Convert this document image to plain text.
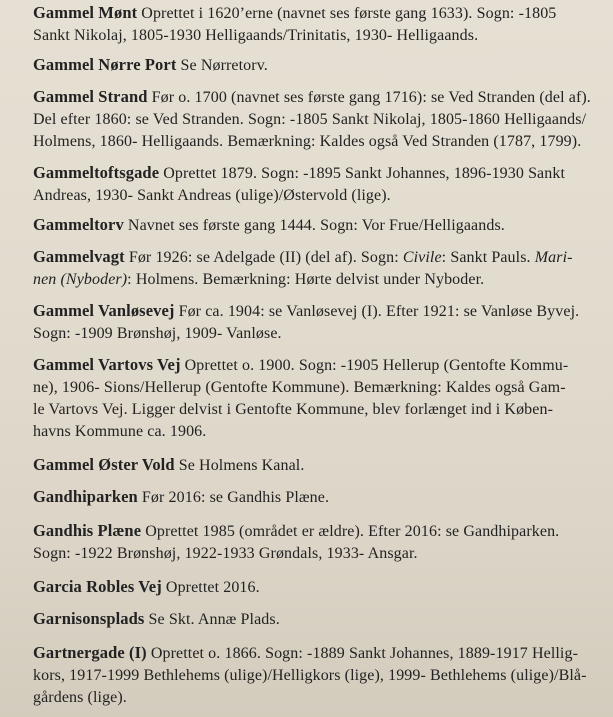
Gammel Mønt Oprettet i 1620’erne (navnet ses første gang 1633). Sogn: -1805
Sankt Nikolaj, 1805-1930 Helligaands/Trinitatis, 1930- Helligaands.

Gammel Nørre Port Se Nørretorv.

Gammel Strand Før o. 1700 (navnet ses første gang 1716): se Ved Stranden (del af).
Del efter 1860: se Ved Stranden. Sogn: -1805 Sankt Nikolaj, 1805-1860 Helligaands/
Holmens, 1860- Helligaands. Bemærkning: Kaldes også Ved Stranden (1787, 1799).

Gammeltoftsgade Oprettet 1879. Sogn: -1895 Sankt Johannes, 1896-1930 Sankt
Andreas, 1930- Sankt Andreas (ulige)/Østervold (lige).

Gammeltorv Navnet ses første gang 1444. Sogn: Vor Frue/Helligaands.

Gammelvagt Før 1926: se Adelgade (II) (del af). Sogn: Civile: Sankt Pauls. Mari-
nen (Nyboder): Holmens. Bemærkning: Hørte delvist under Nyboder.

Gammel Vanløsevej Før ca. 1904: se Vanløsevej (I). Efter 1921: se Vanløse Byvej.
Sogn: -1909 Brønshøj, 1909- Vanløse.

Gammel Vartovs Vej Oprettet o. 1900. Sogn: -1905 Hellerup (Gentofte Kommu-
ne), 1906- Sions/Hellerup (Gentofte Kommune). Bemærkning: Kaldes også Gam-
le Vartovs Vej. Ligger delvist i Gentofte Kommune, blev forlænget ind i Køben-
havns Kommune ca. 1906.

Gammel Øster Vold Se Holmens Kanal.

Gandhiparken Før 2016: se Gandhis Plæne.

Gandhis Plæne Oprettet 1985 (området er ældre). Efter 2016: se Gandhiparken.
Sogn: -1922 Brønshøj, 1922-1933 Grøndals, 1933- Ansgar.

Garcia Robles Vej Oprettet 2016.

Garnisonsplads Se Skt. Annæ Plads.

Gartnergade (I) Oprettet o. 1866. Sogn: -1889 Sankt Johannes, 1889-1917 Hellig-
kors, 1917-1999 Bethlehems (ulige)/Helligkors (lige), 1999- Bethlehems (ulige)/Blå-
gårdens (lige).
